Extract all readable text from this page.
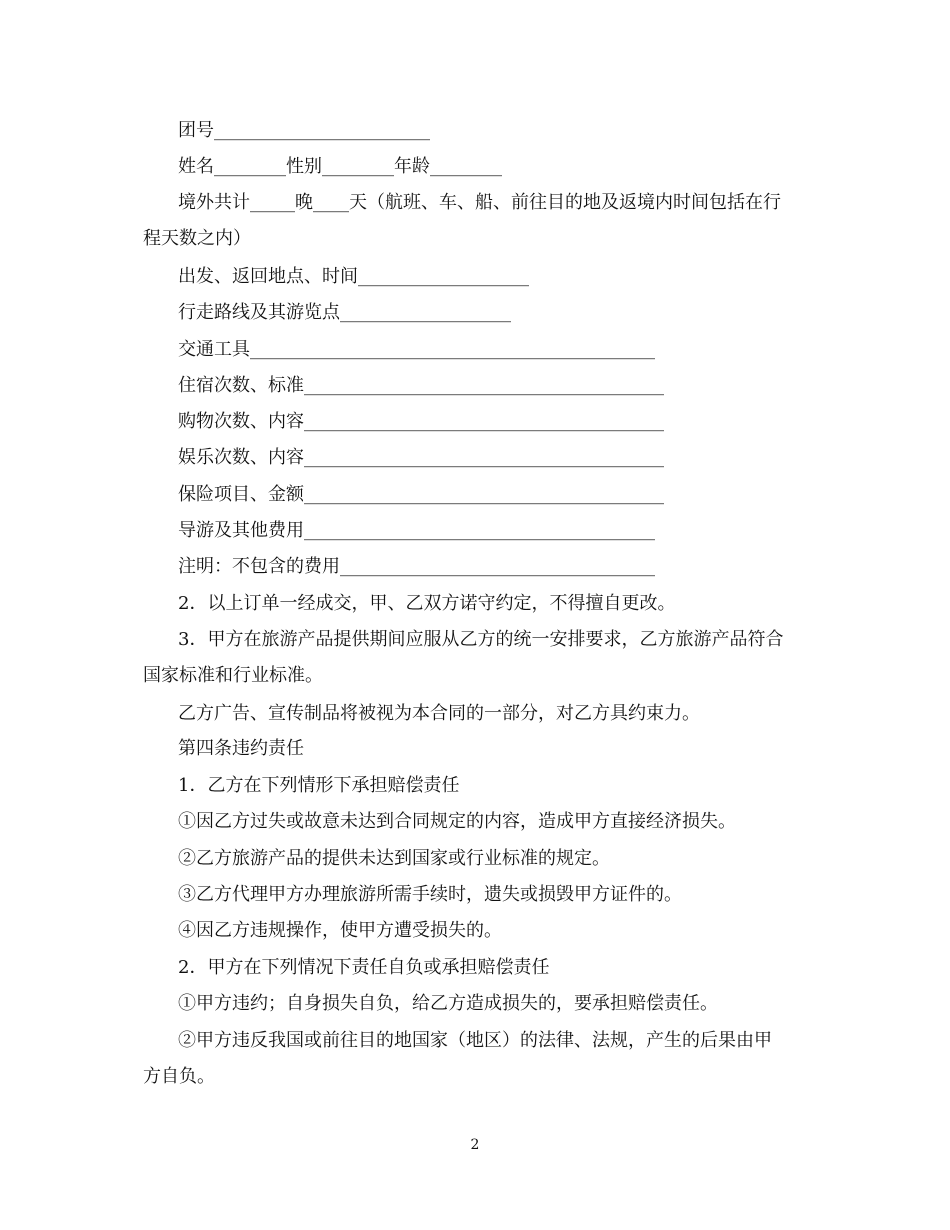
团号________________________
姓名________性别________年龄________
境外共计_____晚____天（航班、车、船、前往目的地及返境内时间包括在行
程天数之内）
出发、返回地点、时间___________________
行走路线及其游览点___________________
交通工具_____________________________________________
住宿次数、标准________________________________________
购物次数、内容________________________________________
娱乐次数、内容________________________________________
保险项目、金额________________________________________
导游及其他费用_______________________________________
注明：不包含的费用___________________________________
2．以上订单一经成交，甲、乙双方诺守约定，不得擅自更改。
3．甲方在旅游产品提供期间应服从乙方的统一安排要求，乙方旅游产品符合
国家标准和行业标准。
乙方广告、宣传制品将被视为本合同的一部分，对乙方具约束力。
第四条违约责任
1．乙方在下列情形下承担赔偿责任
①因乙方过失或故意未达到合同规定的内容，造成甲方直接经济损失。
②乙方旅游产品的提供未达到国家或行业标准的规定。
③乙方代理甲方办理旅游所需手续时，遗失或损毁甲方证件的。
④因乙方违规操作，使甲方遭受损失的。
2．甲方在下列情况下责任自负或承担赔偿责任
①甲方违约；自身损失自负，给乙方造成损失的，要承担赔偿责任。
②甲方违反我国或前往目的地国家（地区）的法律、法规，产生的后果由甲
方自负。
2
